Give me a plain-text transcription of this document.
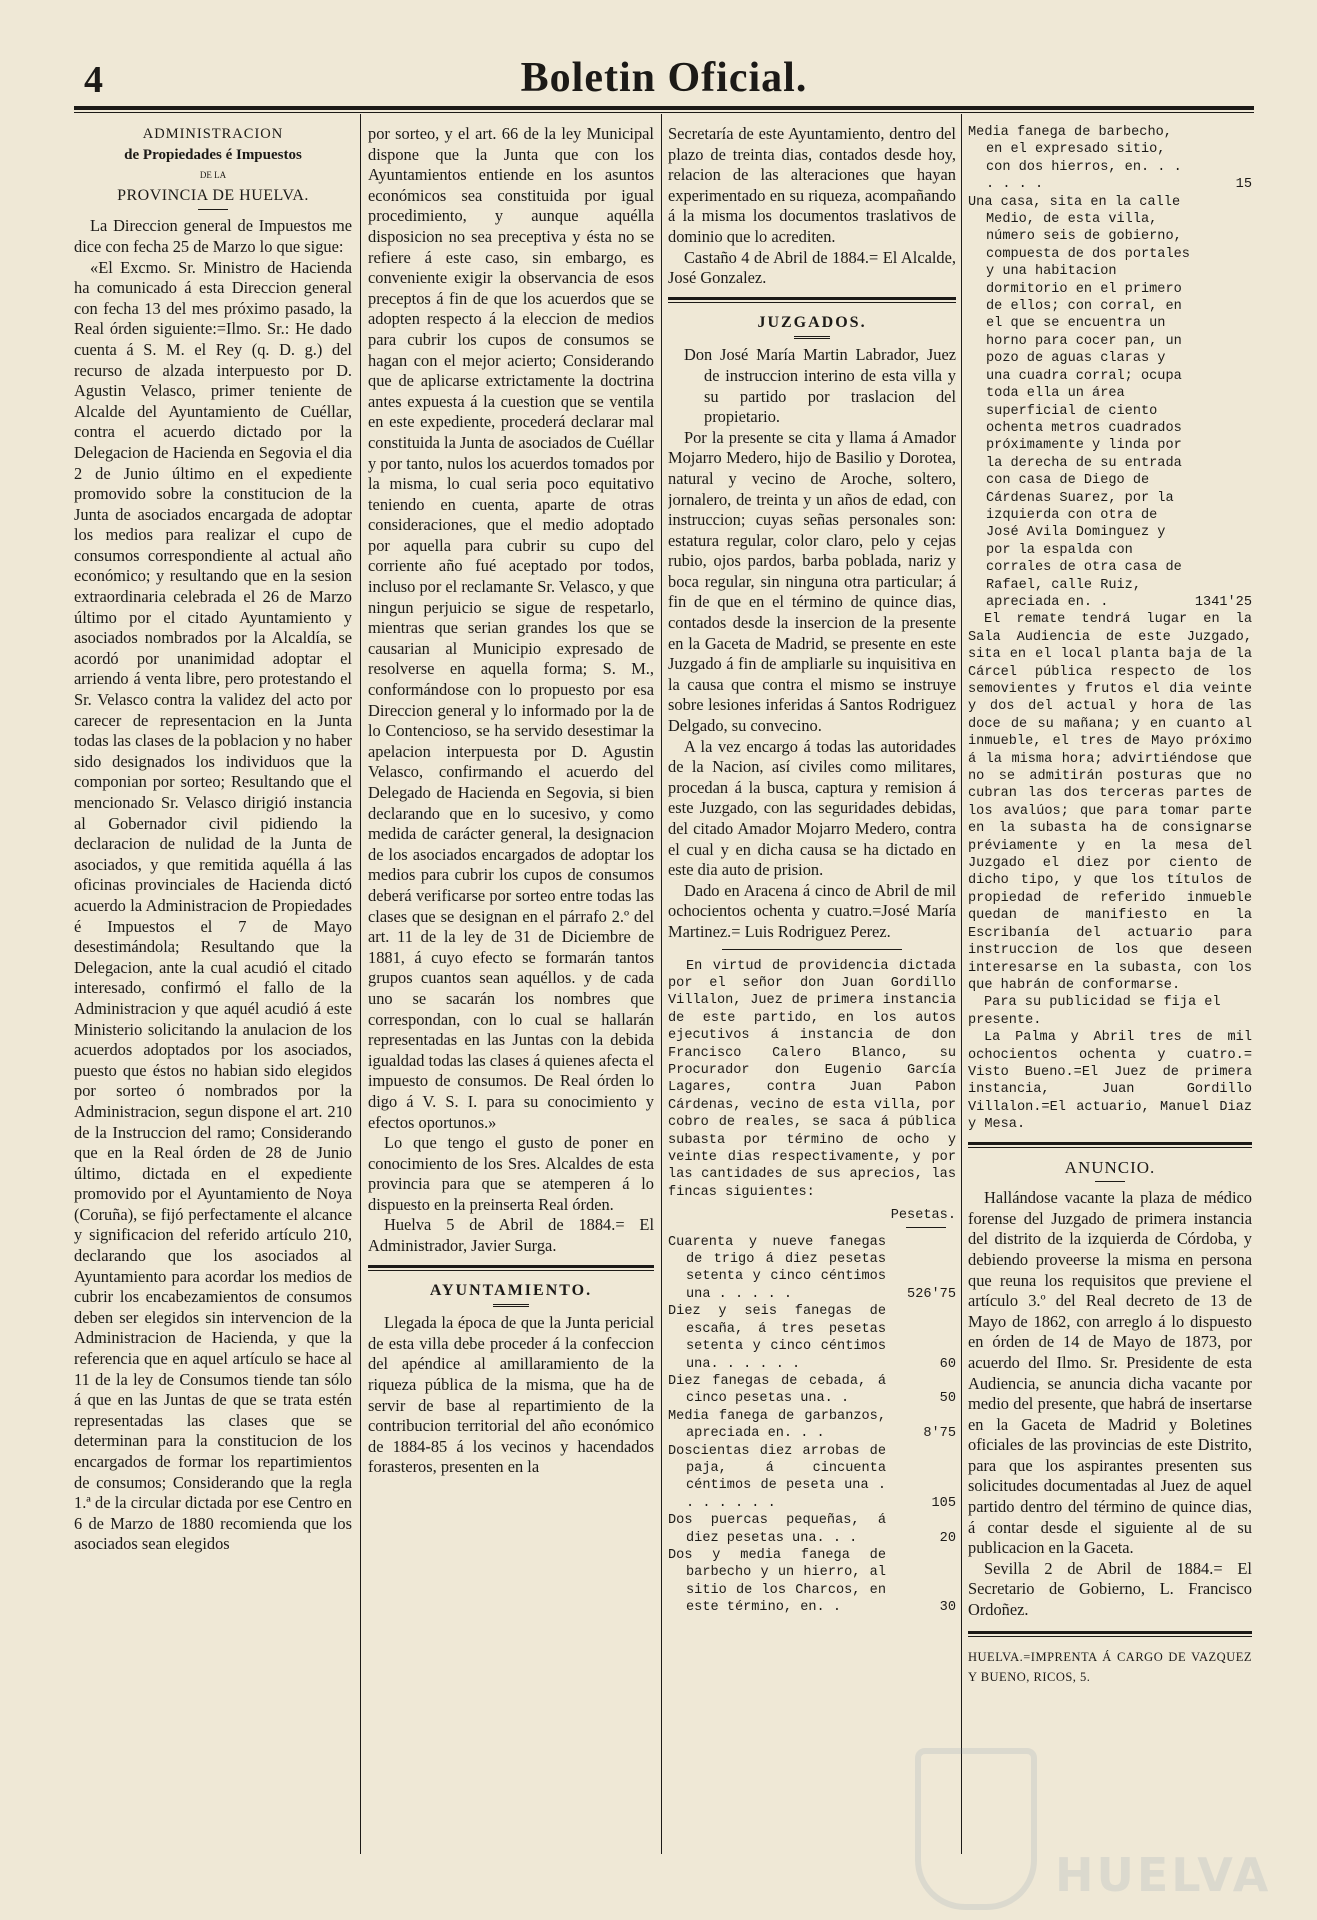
4	Boletin Oficial.
ADMINISTRACION
de Propiedades é Impuestos
DE LA
PROVINCIA DE HUELVA.

La Direccion general de Impuestos me dice con fecha 25 de Marzo lo que sigue:

«El Excmo. Sr. Ministro de Hacienda ha comunicado á esta Direccion general con fecha 13 del mes próximo pasado, la Real órden siguiente:=Ilmo. Sr.: He dado cuenta á S. M. el Rey (q. D. g.) del recurso de alzada interpuesto por D. Agustin Velasco, primer teniente de Alcalde del Ayuntamiento de Cuéllar, contra el acuerdo dictado por la Delegacion de Hacienda en Segovia el dia 2 de Junio último en el expediente promovido sobre la constitucion de la Junta de asociados encargada de adoptar los medios para realizar el cupo de consumos correspondiente al actual año económico; y resultando que en la sesion extraordinaria celebrada el 26 de Marzo último por el citado Ayuntamiento y asociados nombrados por la Alcaldía, se acordó por unanimidad adoptar el arriendo á venta libre, pero protestando el Sr. Velasco contra la validez del acto por carecer de representacion en la Junta todas las clases de la poblacion y no haber sido designados los individuos que la componian por sorteo; Resultando que el mencionado Sr. Velasco dirigió instancia al Gobernador civil pidiendo la declaracion de nulidad de la Junta de asociados, y que remitida aquélla á las oficinas provinciales de Hacienda dictó acuerdo la Administracion de Propiedades é Impuestos el 7 de Mayo desestimándola; Resultando que la Delegacion, ante la cual acudió el citado interesado, confirmó el fallo de la Administracion y que aquél acudió á este Ministerio solicitando la anulacion de los acuerdos adoptados por los asociados, puesto que éstos no habian sido elegidos por sorteo ó nombrados por la Administracion, segun dispone el art. 210 de la Instruccion del ramo; Considerando que en la Real órden de 28 de Junio último, dictada en el expediente promovido por el Ayuntamiento de Noya (Coruña), se fijó perfectamente el alcance y significacion del referido artículo 210, declarando que los asociados al Ayuntamiento para acordar los medios de cubrir los encabezamientos de consumos deben ser elegidos sin intervencion de la Administracion de Hacienda, y que la referencia que en aquel artículo se hace al 11 de la ley de Consumos tiende tan sólo á que en las Juntas de que se trata estén representadas las clases que se determinan para la constitucion de los encargados de formar los repartimientos de consumos; Considerando que la regla 1.ª de la circular dictada por ese Centro en 6 de Marzo de 1880 recomienda que los asociados sean elegidos

por sorteo, y el art. 66 de la ley Municipal dispone que la Junta que con los Ayuntamientos entiende en los asuntos económicos sea constituida por igual procedimiento, y aunque aquélla disposicion no sea preceptiva y ésta no se refiere á este caso, sin embargo, es conveniente exigir la observancia de esos preceptos á fin de que los acuerdos que se adopten respecto á la eleccion de medios para cubrir los cupos de consumos se hagan con el mejor acierto; Considerando que de aplicarse extrictamente la doctrina antes expuesta á la cuestion que se ventila en este expediente, procederá declarar mal constituida la Junta de asociados de Cuéllar y por tanto, nulos los acuerdos tomados por la misma, lo cual seria poco equitativo teniendo en cuenta, aparte de otras consideraciones, que el medio adoptado por aquella para cubrir su cupo del corriente año fué aceptado por todos, incluso por el reclamante Sr. Velasco, y que ningun perjuicio se sigue de respetarlo, mientras que serian grandes los que se causarian al Municipio expresado de resolverse en aquella forma; S. M., conformándose con lo propuesto por esa Direccion general y lo informado por la de lo Contencioso, se ha servido desestimar la apelacion interpuesta por D. Agustin Velasco, confirmando el acuerdo del Delegado de Hacienda en Segovia, si bien declarando que en lo sucesivo, y como medida de carácter general, la designacion de los asociados encargados de adoptar los medios para cubrir los cupos de consumos deberá verificarse por sorteo entre todas las clases que se designan en el párrafo 2.º del art. 11 de la ley de 31 de Diciembre de 1881, á cuyo efecto se formarán tantos grupos cuantos sean aquéllos. y de cada uno se sacarán los nombres que correspondan, con lo cual se hallarán representadas en las Juntas con la debida igualdad todas las clases á quienes afecta el impuesto de consumos. De Real órden lo digo á V. S. I. para su conocimiento y efectos oportunos.»

Lo que tengo el gusto de poner en conocimiento de los Sres. Alcaldes de esta provincia para que se atemperen á lo dispuesto en la preinserta Real órden.

Huelva 5 de Abril de 1884.= El Administrador, Javier Surga.

AYUNTAMIENTO.

Llegada la época de que la Junta pericial de esta villa debe proceder á la confeccion del apéndice al amillaramiento de la riqueza pública de la misma, que ha de servir de base al repartimiento de la contribucion territorial del año económico de 1884-85 á los vecinos y hacendados forasteros, presenten en la

Secretaría de este Ayuntamiento, dentro del plazo de treinta dias, contados desde hoy, relacion de las alteraciones que hayan experimentado en su riqueza, acompañando á la misma los documentos traslativos de dominio que lo acrediten.

Castaño 4 de Abril de 1884.= El Alcalde, José Gonzalez.

JUZGADOS.

Don José María Martin Labrador, Juez de instruccion interino de esta villa y su partido por traslacion del propietario.

Por la presente se cita y llama á Amador Mojarro Medero, hijo de Basilio y Dorotea, natural y vecino de Aroche, soltero, jornalero, de treinta y un años de edad, con instruccion; cuyas señas personales son: estatura regular, color claro, pelo y cejas rubio, ojos pardos, barba poblada, nariz y boca regular, sin ninguna otra particular; á fin de que en el término de quince dias, contados desde la insercion de la presente en la Gaceta de Madrid, se presente en este Juzgado á fin de ampliarle su inquisitiva en la causa que contra el mismo se instruye sobre lesiones inferidas á Santos Rodriguez Delgado, su convecino.

A la vez encargo á todas las autoridades de la Nacion, así civiles como militares, procedan á la busca, captura y remision á este Juzgado, con las seguridades debidas, del citado Amador Mojarro Medero, contra el cual y en dicha causa se ha dictado en este dia auto de prision.

Dado en Aracena á cinco de Abril de mil ochocientos ochenta y cuatro.=José María Martinez.= Luis Rodriguez Perez.

En virtud de providencia dictada por el señor don Juan Gordillo Villalon, Juez de primera instancia de este partido, en los autos ejecutivos á instancia de don Francisco Calero Blanco, su Procurador don Eugenio García Lagares, contra Juan Pabon Cárdenas, vecino de esta villa, por cobro de reales, se saca á pública subasta por término de ocho y veinte dias respectivamente, y por las cantidades de sus aprecios, las fincas siguientes:

Pesetas.
Cuarenta y nueve fanegas de trigo á diez pesetas setenta y cinco céntimos una . . . . .	526'75
Diez y seis fanegas de escaña, á tres pesetas setenta y cinco céntimos una. . . . . .	60
Diez fanegas de cebada, á cinco pesetas una. .	50
Media fanega de garbanzos, apreciada en. . .	8'75
Doscientas diez arrobas de paja, á cincuenta céntimos de peseta una . . . . . . .	105
Dos puercas pequeñas, á diez pesetas una. . .	20
Dos y media fanega de barbecho y un hierro, al sitio de los Charcos, en este término, en. .	30
Media fanega de barbecho, en el expresado sitio, con dos hierros, en. . . . . . .	15
Una casa, sita en la calle Medio, de esta villa, número seis de gobierno, compuesta de dos portales y una habitacion dormitorio en el primero de ellos; con corral, en el que se encuentra un horno para cocer pan, un pozo de aguas claras y una cuadra corral; ocupa toda ella un área superficial de ciento ochenta metros cuadrados próximamente y linda por la derecha de su entrada con casa de Diego de Cárdenas Suarez, por la izquierda con otra de José Avila Dominguez y por la espalda con corrales de otra casa de Rafael, calle Ruiz, apreciada en. .	1341'25

El remate tendrá lugar en la Sala Audiencia de este Juzgado, sita en el local planta baja de la Cárcel pública respecto de los semovientes y frutos el dia veinte y dos del actual y hora de las doce de su mañana; y en cuanto al inmueble, el tres de Mayo próximo á la misma hora; advirtiéndose que no se admitirán posturas que no cubran las dos terceras partes de los avalúos; que para tomar parte en la subasta ha de consignarse préviamente y en la mesa del Juzgado el diez por ciento de dicho tipo, y que los títulos de propiedad de referido inmueble quedan de manifiesto en la Escribanía del actuario para instruccion de los que deseen interesarse en la subasta, con los que habrán de conformarse.

Para su publicidad se fija el presente.

La Palma y Abril tres de mil ochocientos ochenta y cuatro.= Visto Bueno.=El Juez de primera instancia, Juan Gordillo Villalon.=El actuario, Manuel Diaz y Mesa.

ANUNCIO.

Hallándose vacante la plaza de médico forense del Juzgado de primera instancia del distrito de la izquierda de Córdoba, y debiendo proveerse la misma en persona que reuna los requisitos que previene el artículo 3.º del Real decreto de 13 de Mayo de 1862, con arreglo á lo dispuesto en órden de 14 de Mayo de 1873, por acuerdo del Ilmo. Sr. Presidente de esta Audiencia, se anuncia dicha vacante por medio del presente, que habrá de insertarse en la Gaceta de Madrid y Boletines oficiales de las provincias de este Distrito, para que los aspirantes presenten sus solicitudes documentadas al Juez de aquel partido dentro del término de quince dias, á contar desde el siguiente al de su publicacion en la Gaceta.

Sevilla 2 de Abril de 1884.= El Secretario de Gobierno, L. Francisco Ordoñez.

HUELVA.=IMPRENTA Á CARGO DE VAZQUEZ Y BUENO, RICOS, 5.

HUELVA
